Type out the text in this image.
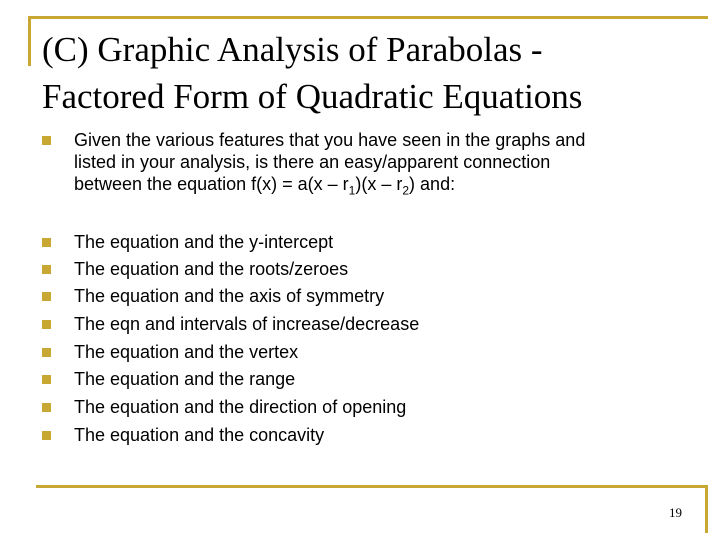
(C) Graphic Analysis of Parabolas -
Factored Form of Quadratic Equations
Given the various features that you have seen in the graphs and
listed in your analysis, is there an easy/apparent connection
between the equation $f(x) = a(x - r_1)(x - r_2)$ and:
The equation and the y-intercept
The equation and the roots/zeroes
The equation and the axis of symmetry
The eqn and intervals of increase/decrease
The equation and the vertex
The equation and the range
The equation and the direction of opening
The equation and the concavity
19
